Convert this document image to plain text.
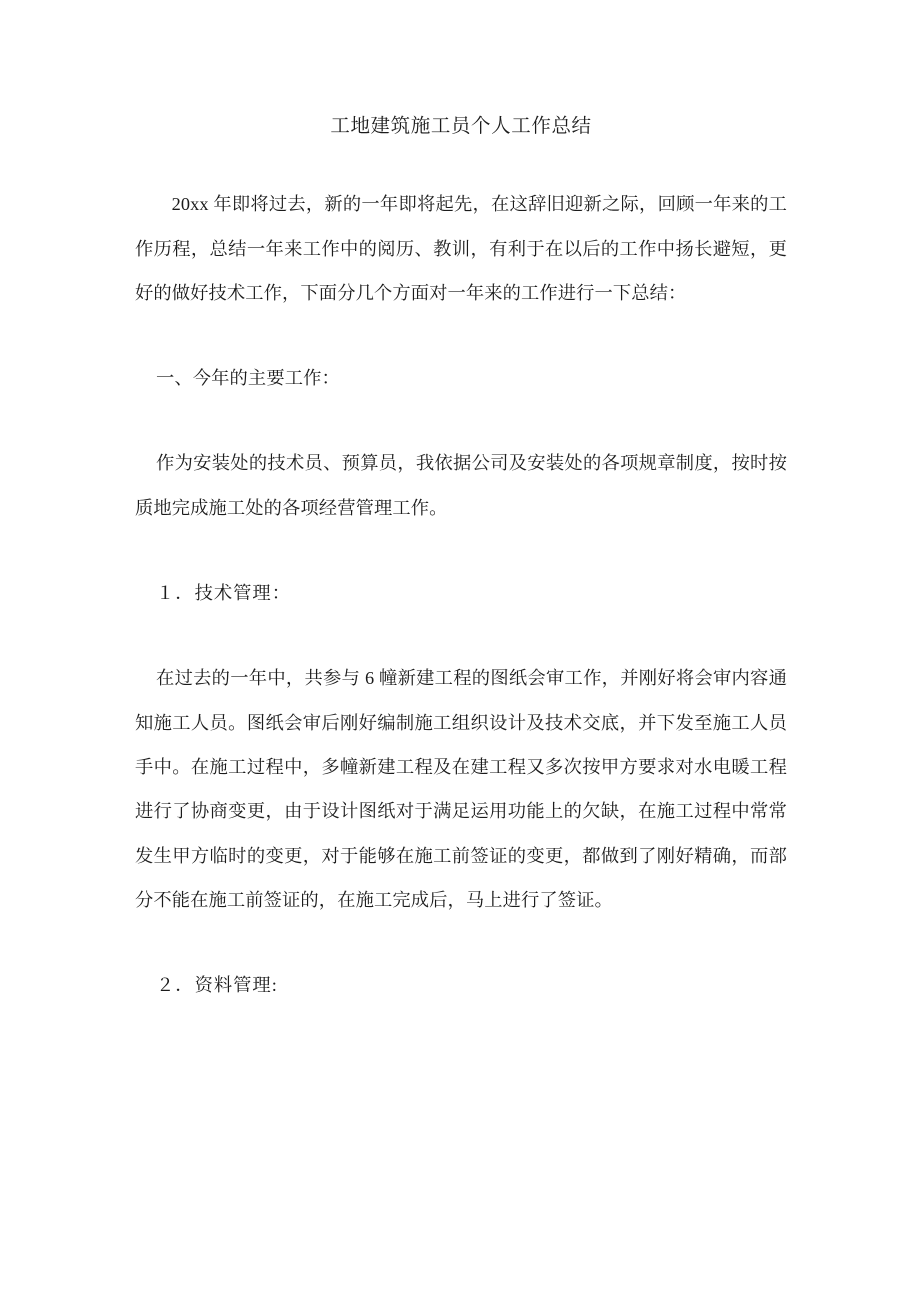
工地建筑施工员个人工作总结

20xx 年即将过去，新的一年即将起先，在这辞旧迎新之际，回顾一年来的工作历程，总结一年来工作中的阅历、教训，有利于在以后的工作中扬长避短，更好的做好技术工作，下面分几个方面对一年来的工作进行一下总结：

一、今年的主要工作：

作为安装处的技术员、预算员，我依据公司及安装处的各项规章制度，按时按质地完成施工处的各项经营管理工作。

１．技术管理：

在过去的一年中，共参与 6 幢新建工程的图纸会审工作，并刚好将会审内容通知施工人员。图纸会审后刚好编制施工组织设计及技术交底，并下发至施工人员手中。在施工过程中，多幢新建工程及在建工程又多次按甲方要求对水电暖工程进行了协商变更，由于设计图纸对于满足运用功能上的欠缺，在施工过程中常常发生甲方临时的变更，对于能够在施工前签证的变更，都做到了刚好精确，而部分不能在施工前签证的，在施工完成后，马上进行了签证。

２．资料管理:
